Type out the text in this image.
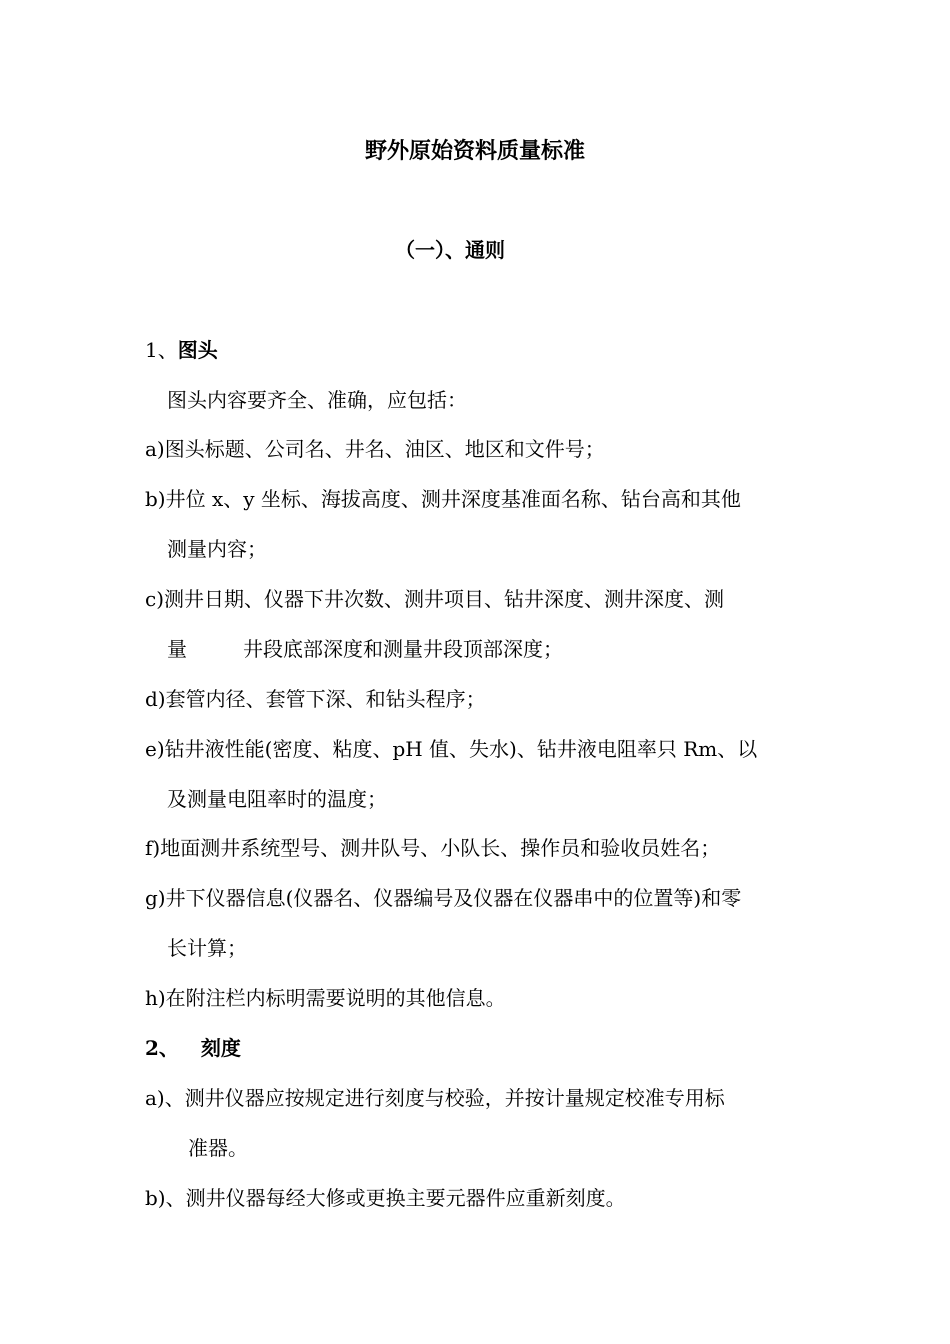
野外原始资料质量标准
（一）、通则
1、图头
图头内容要齐全、准确，应包括：
a)图头标题、公司名、井名、油区、地区和文件号；
b)井位 x、y 坐标、海拔高度、测井深度基准面名称、钻台高和其他
测量内容；
c)测井日期、仪器下井次数、测井项目、钻井深度、测井深度、测
量	井段底部深度和测量井段顶部深度；
d)套管内径、套管下深、和钻头程序；
e)钻井液性能(密度、粘度、pH 值、失水)、钻井液电阻率只 Rm、以
及测量电阻率时的温度；
f)地面测井系统型号、测井队号、小队长、操作员和验收员姓名；
g)井下仪器信息(仪器名、仪器编号及仪器在仪器串中的位置等)和零
长计算；
h)在附注栏内标明需要说明的其他信息。
2、 刻度
a)、测井仪器应按规定进行刻度与校验，并按计量规定校准专用标
准器。
b)、测井仪器每经大修或更换主要元器件应重新刻度。
